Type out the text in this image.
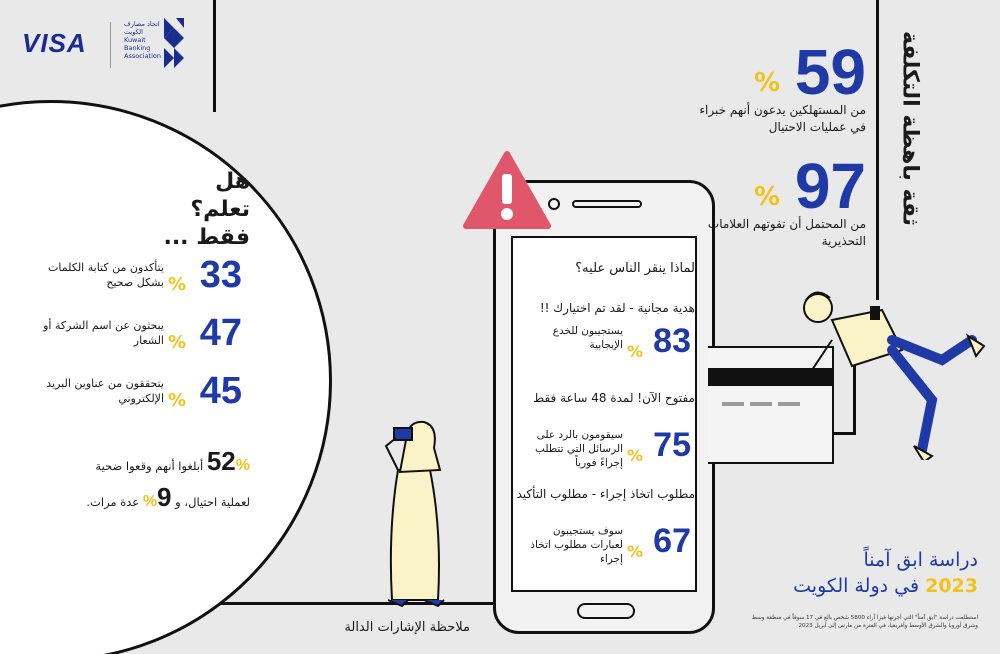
VISA
اتحاد مصارف الكويت
Kuwait Banking Association
هل تعلم؟
فقط ...
33
%
يتأكدون من كتابة الكلمات بشكل صحيح
47
%
يبحثون عن اسم الشركة أو الشعار
45
%
يتحققون من عناوين البريد الإلكتروني
52% أبلغوا أنهم وقعوا ضحية
لعملية احتيال، و 9% عدة مرات.
لماذا ينقر الناس عليه؟
هدية مجانية - لقد تم اختيارك !!
83
%
يستجيبون للخدع الإيجابية
مفتوح الآن! لمدة 48 ساعة فقط
75
%
سيقومون بالرد على الرسائل التي تتطلب إجراءً فورياً
مطلوب اتخاذ إجراء - مطلوب التأكيد
67
%
سوف يستجيبون لعبارات مطلوب اتخاذ إجراء
ملاحظة الإشارات الدالة
ثقة باهظة التكلفة
59
%
من المستهلكين يدعون أنهم خبراء في عمليات الاحتيال
97
%
من المحتمل أن تفوتهم العلامات التحذيرية
دراسة ابق آمناً
2023 في دولة الكويت
استطلعت دراسة "ابق آمناً" التي أجرتها فيزا آراء 5800 شخص بالغ في 17 سوقاً في منطقة وسط وشرق أوروبا والشرق الأوسط وأفريقيا، في الفترة من مارس إلى أبريل 2023
